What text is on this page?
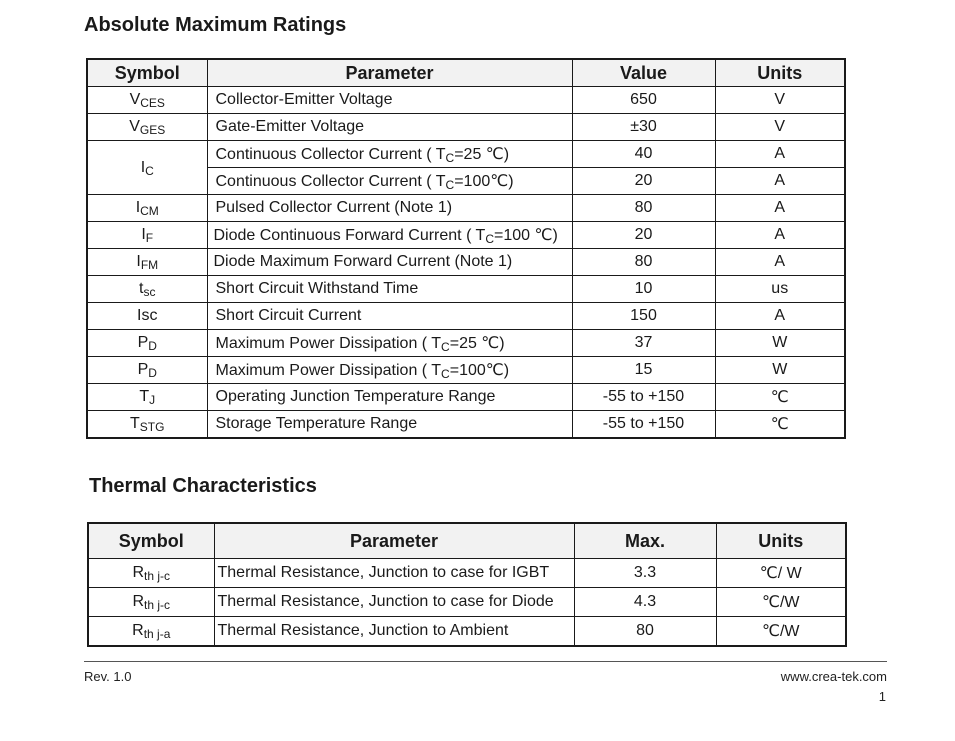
Absolute Maximum Ratings
Symbol	Parameter	Value	Units
$V_{CES}$	Collector-Emitter Voltage	650	V
$V_{GES}$	Gate-Emitter Voltage	±30	V
$I_C$	Continuous Collector Current ( $T_C=25$ ℃)	40	A
	Continuous Collector Current ( $T_C=100℃$)	20	A
$I_{CM}$	Pulsed Collector Current (Note 1)	80	A
$I_F$	Diode Continuous Forward Current ( $T_C=100$ ℃)	20	A
$I_{FM}$	Diode Maximum Forward Current (Note 1)	80	A
$t_{sc}$	Short Circuit Withstand Time	10	us
Isc	Short Circuit Current	150	A
$P_D$	Maximum Power Dissipation ( $T_C=25$ ℃)	37	W
$P_D$	Maximum Power Dissipation ( $T_C=100℃$)	15	W
$T_J$	Operating Junction Temperature Range	-55 to +150	℃
$T_{STG}$	Storage Temperature Range	-55 to +150	℃
Thermal Characteristics
Symbol	Parameter	Max.	Units
$R_{th j-c}$	Thermal Resistance, Junction to case for IGBT	3.3	℃/ W
$R_{th j-c}$	Thermal Resistance, Junction to case for Diode	4.3	℃/W
$R_{th j-a}$	Thermal Resistance, Junction to Ambient	80	℃/W
Rev. 1.0	www.crea-tek.com
1
